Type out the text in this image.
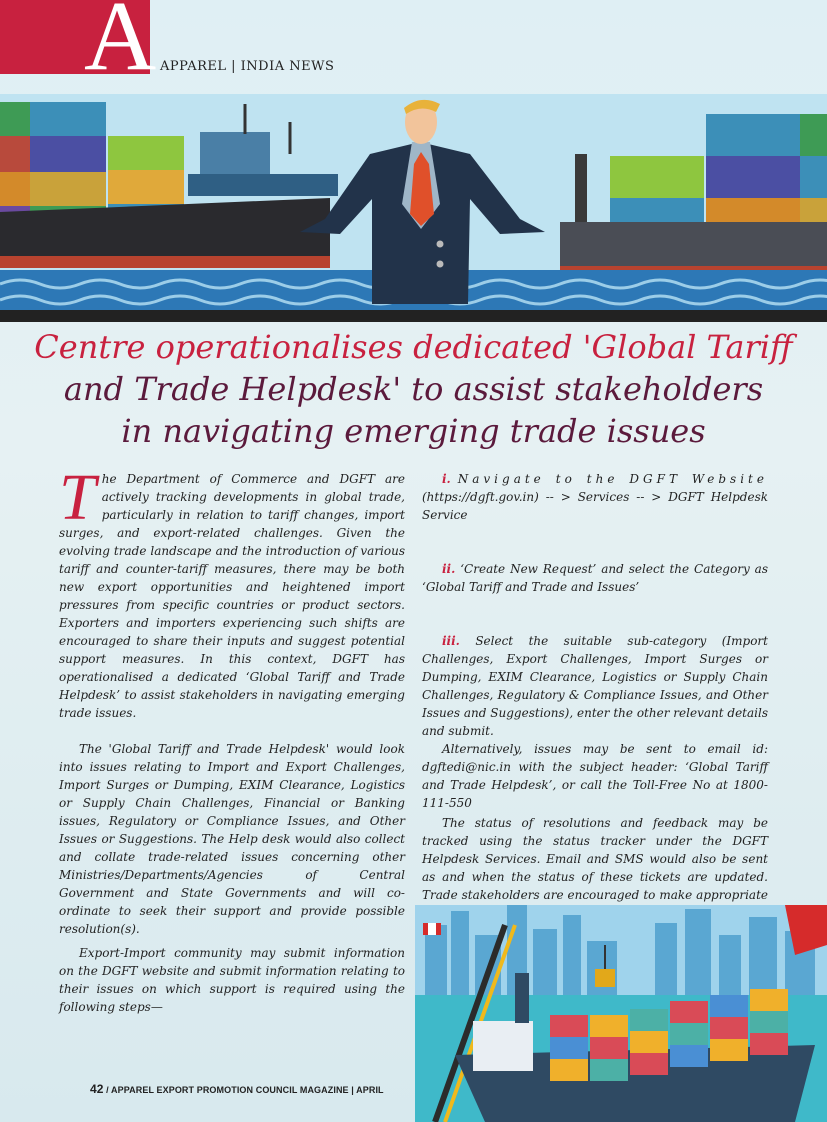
A APPAREL | INDIA NEWS
Centre operationalises dedicated 'Global Tariff
and Trade Helpdesk' to assist stakeholders
in navigating emerging trade issues

T he Department of Commerce and DGFT are actively tracking developments in global trade, particularly in relation to tariff changes, import surges, and export-related challenges. Given the evolving trade landscape and the introduction of various tariff and counter-tariff measures, there may be both new export opportunities and heightened import pressures from specific countries or product sectors. Exporters and importers experiencing such shifts are encouraged to share their inputs and suggest potential support measures. In this context, DGFT has operationalised a dedicated ‘Global Tariff and Trade Helpdesk’ to assist stakeholders in navigating emerging trade issues.

The 'Global Tariff and Trade Helpdesk' would look into issues relating to Import and Export Challenges, Import Surges or Dumping, EXIM Clearance, Logistics or Supply Chain Challenges, Financial or Banking issues, Regulatory or Compliance Issues, and Other Issues or Suggestions. The Help desk would also collect and collate trade-related issues concerning other Ministries/Departments/Agencies of Central Government and State Governments and will co-ordinate to seek their support and provide possible resolution(s).

Export-Import community may submit information on the DGFT website and submit information relating to their issues on which support is required using the following steps—

i. Navigate to the DGFT Website (https://dgft.gov.in) -- > Services -- > DGFT Helpdesk Service

ii. ‘Create New Request’ and select the Category as ‘Global Tariff and Trade and Issues’

iii. Select the suitable sub-category (Import Challenges, Export Challenges, Import Surges or Dumping, EXIM Clearance, Logistics or Supply Chain Challenges, Regulatory & Compliance Issues, and Other Issues and Suggestions), enter the other relevant details and submit.

Alternatively, issues may be sent to email id: dgftedi@nic.in with the subject header: ‘Global Tariff and Trade Helpdesk’, or call the Toll-Free No at 1800-111-550

The status of resolutions and feedback may be tracked using the status tracker under the DGFT Helpdesk Services. Email and SMS would also be sent as and when the status of these tickets are updated. Trade stakeholders are encouraged to make appropriate

42 / APPAREL EXPORT PROMOTION COUNCIL MAGAZINE | APRIL
